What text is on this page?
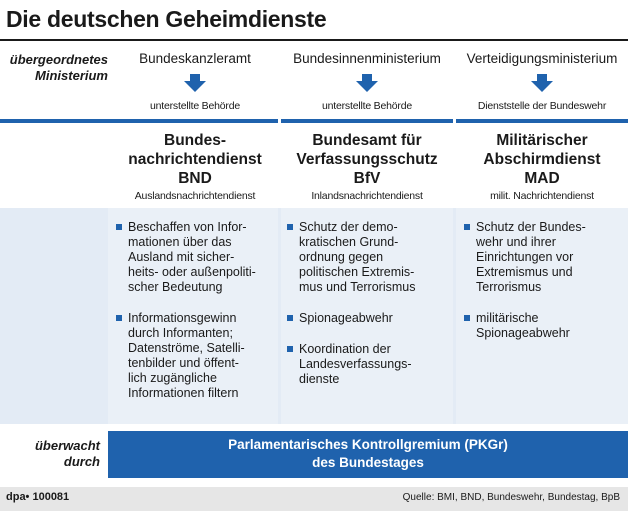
Die deutschen Geheimdienste
übergeordnetes
Ministerium
überwacht
durch
Bundeskanzleramt
unterstellte Behörde
Bundes-
nachrichtendienst
BND
Auslandsnachrichtendienst
Bundesinnenministerium
unterstellte Behörde
Bundesamt für
Verfassungsschutz
BfV
Inlandsnachrichtendienst
Verteidigungsministerium
Dienststelle der Bundeswehr
Militärischer
Abschirmdienst
MAD
milit. Nachrichtendienst
Beschaffen von Infor-
mationen über das
Ausland mit sicher-
heits- oder außenpoliti-
scher Bedeutung
Informationsgewinn
durch Informanten;
Datenströme, Satelli-
tenbilder und öffent-
lich zugängliche
Informationen filtern
Schutz der demo-
kratischen Grund-
ordnung gegen
politischen Extremis-
mus und Terrorismus
Spionageabwehr
Koordination der
Landesverfassungs-
dienste
Schutz der Bundes-
wehr und ihrer
Einrichtungen vor
Extremismus und
Terrorismus
militärische
Spionageabwehr
Parlamentarisches Kontrollgremium (PKGr)
des Bundestages
dpa• 100081	Quelle: BMI, BND, Bundeswehr, Bundestag, BpB
